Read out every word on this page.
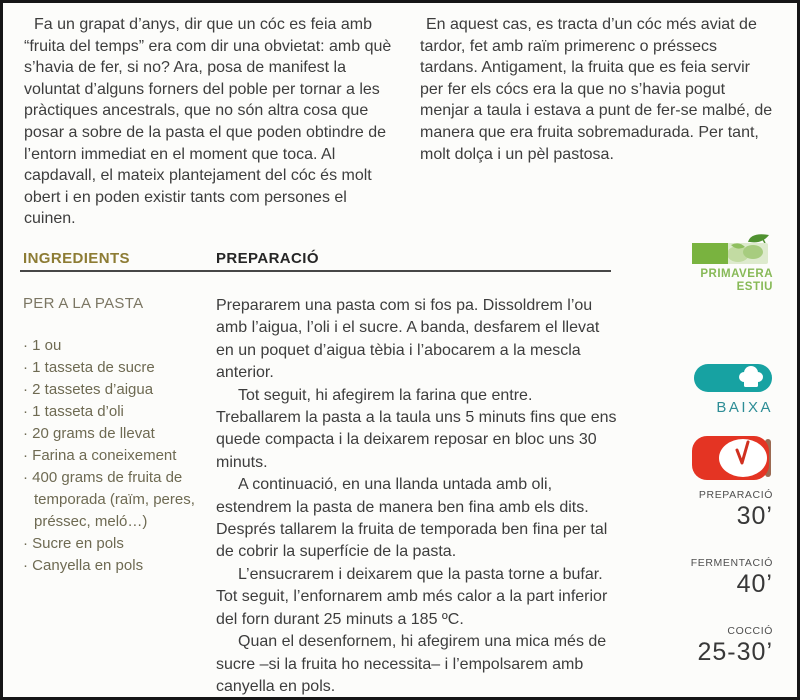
Fa un grapat d’anys, dir que un cóc es feia amb “fruita del temps” era com dir una obvietat: amb què s’havia de fer, si no? Ara, posa de manifest la voluntat d’alguns forners del poble per tornar a les pràctiques ancestrals, que no són altra cosa que posar a sobre de la pasta el que poden obtindre de l’entorn immediat en el moment que toca. Al capdavall, el mateix plantejament del cóc és molt obert i en poden existir tants com persones el cuinen.

En aquest cas, es tracta d’un cóc més aviat de tardor, fet amb raïm primerenc o préssecs tardans. Antigament, la fruita que es feia servir per fer els cócs era la que no s’havia pogut menjar a taula i estava a punt de fer-se malbé, de manera que era fruita sobremadurada. Per tant, molt dolça i un pèl pastosa.

INGREDIENTS	PREPARACIÓ
PER A LA PASTA
· 1 ou
· 1 tasseta de sucre
· 2 tassetes d’aigua
· 1 tasseta d’oli
· 20 grams de llevat
· Farina a coneixement
· 400 grams de fruita de temporada (raïm, peres, préssec, meló…)
· Sucre en pols
· Canyella en pols

Prepararem una pasta com si fos pa. Dissoldrem l’ou amb l’aigua, l’oli i el sucre. A banda, desfarem el llevat en un poquet d’aigua tèbia i l’abocarem a la mescla anterior.

Tot seguit, hi afegirem la farina que entre. Treballarem la pasta a la taula uns 5 minuts fins que ens quede compacta i la deixarem reposar en bloc uns 30 minuts.

A continuació, en una llanda untada amb oli, estendrem la pasta de manera ben fina amb els dits. Després tallarem la fruita de temporada ben fina per tal de cobrir la superfície de la pasta.

L’ensucrarem i deixarem que la pasta torne a bufar. Tot seguit, l’enfornarem amb més calor a la part inferior del forn durant 25 minuts a 185 ºC.

Quan el desenfornem, hi afegirem una mica més de sucre –si la fruita ho necessita– i l’empolsarem amb canyella en pols.

PRIMAVERA
ESTIU
BAIXA
PREPARACIÓ
30’
FERMENTACIÓ
40’
COCCIÓ
25-30’
